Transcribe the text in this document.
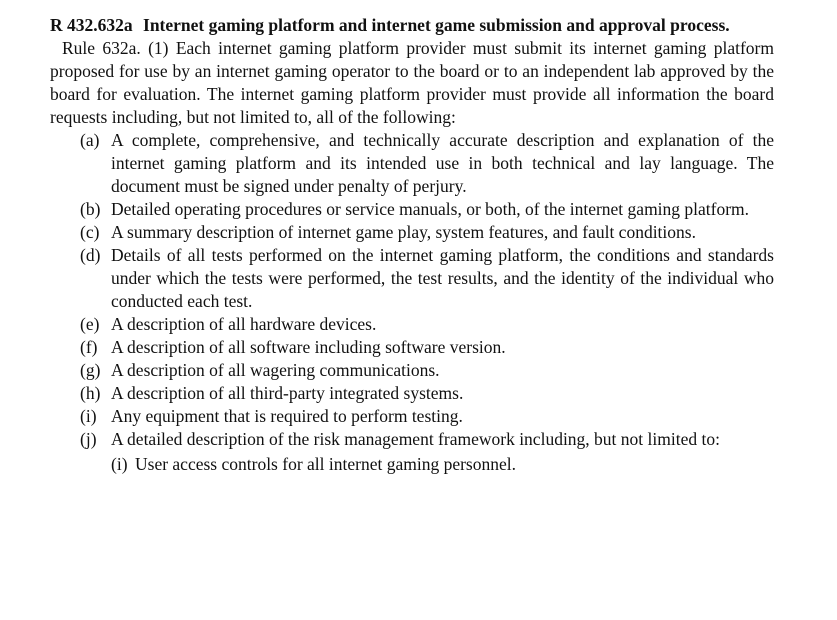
R 432.632a Internet gaming platform and internet game submission and approval process.

Rule 632a. (1) Each internet gaming platform provider must submit its internet gaming platform proposed for use by an internet gaming operator to the board or to an independent lab approved by the board for evaluation. The internet gaming platform provider must provide all information the board requests including, but not limited to, all of the following:

(a) A complete, comprehensive, and technically accurate description and explanation of the internet gaming platform and its intended use in both technical and lay language. The document must be signed under penalty of perjury.
(b) Detailed operating procedures or service manuals, or both, of the internet gaming platform.
(c) A summary description of internet game play, system features, and fault conditions.
(d) Details of all tests performed on the internet gaming platform, the conditions and standards under which the tests were performed, the test results, and the identity of the individual who conducted each test.
(e) A description of all hardware devices.
(f) A description of all software including software version.
(g) A description of all wagering communications.
(h) A description of all third-party integrated systems.
(i) Any equipment that is required to perform testing.
(j) A detailed description of the risk management framework including, but not limited to:
(i) User access controls for all internet gaming personnel.
